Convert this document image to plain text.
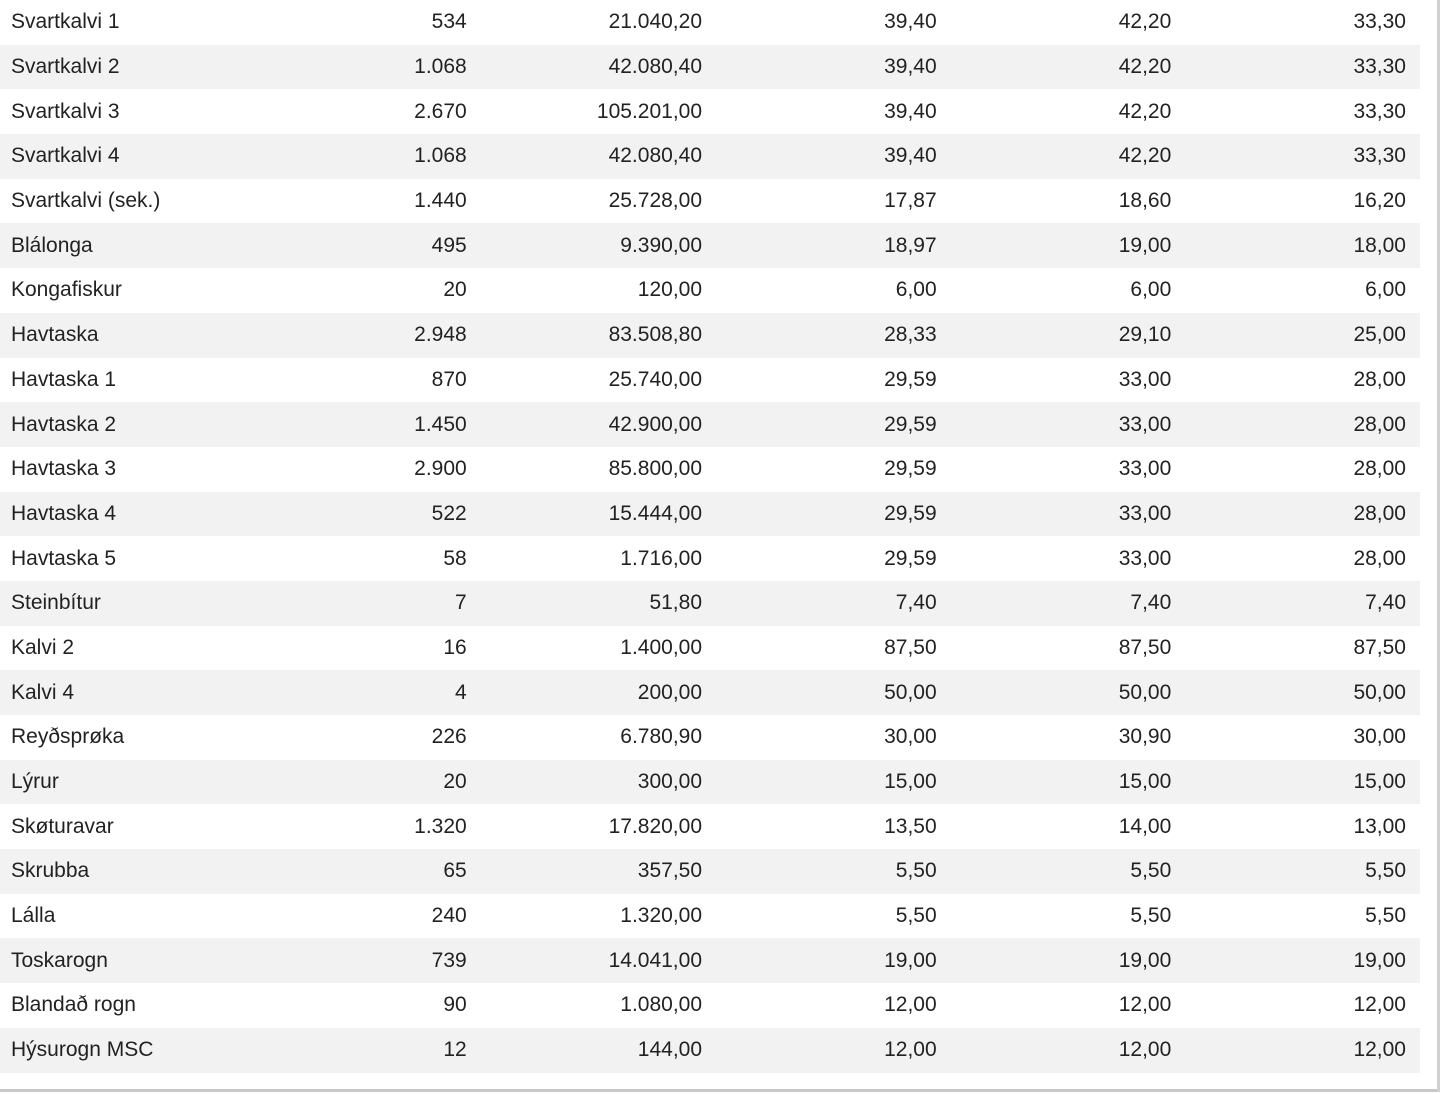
Svartkalvi 1	534	21.040,20	39,40	42,20	33,30
Svartkalvi 2	1.068	42.080,40	39,40	42,20	33,30
Svartkalvi 3	2.670	105.201,00	39,40	42,20	33,30
Svartkalvi 4	1.068	42.080,40	39,40	42,20	33,30
Svartkalvi (sek.)	1.440	25.728,00	17,87	18,60	16,20
Blálonga	495	9.390,00	18,97	19,00	18,00
Kongafiskur	20	120,00	6,00	6,00	6,00
Havtaska	2.948	83.508,80	28,33	29,10	25,00
Havtaska 1	870	25.740,00	29,59	33,00	28,00
Havtaska 2	1.450	42.900,00	29,59	33,00	28,00
Havtaska 3	2.900	85.800,00	29,59	33,00	28,00
Havtaska 4	522	15.444,00	29,59	33,00	28,00
Havtaska 5	58	1.716,00	29,59	33,00	28,00
Steinbítur	7	51,80	7,40	7,40	7,40
Kalvi 2	16	1.400,00	87,50	87,50	87,50
Kalvi 4	4	200,00	50,00	50,00	50,00
Reyðsprøka	226	6.780,90	30,00	30,90	30,00
Lýrur	20	300,00	15,00	15,00	15,00
Skøturavar	1.320	17.820,00	13,50	14,00	13,00
Skrubba	65	357,50	5,50	5,50	5,50
Lálla	240	1.320,00	5,50	5,50	5,50
Toskarogn	739	14.041,00	19,00	19,00	19,00
Blandað rogn	90	1.080,00	12,00	12,00	12,00
Hýsurogn MSC	12	144,00	12,00	12,00	12,00
